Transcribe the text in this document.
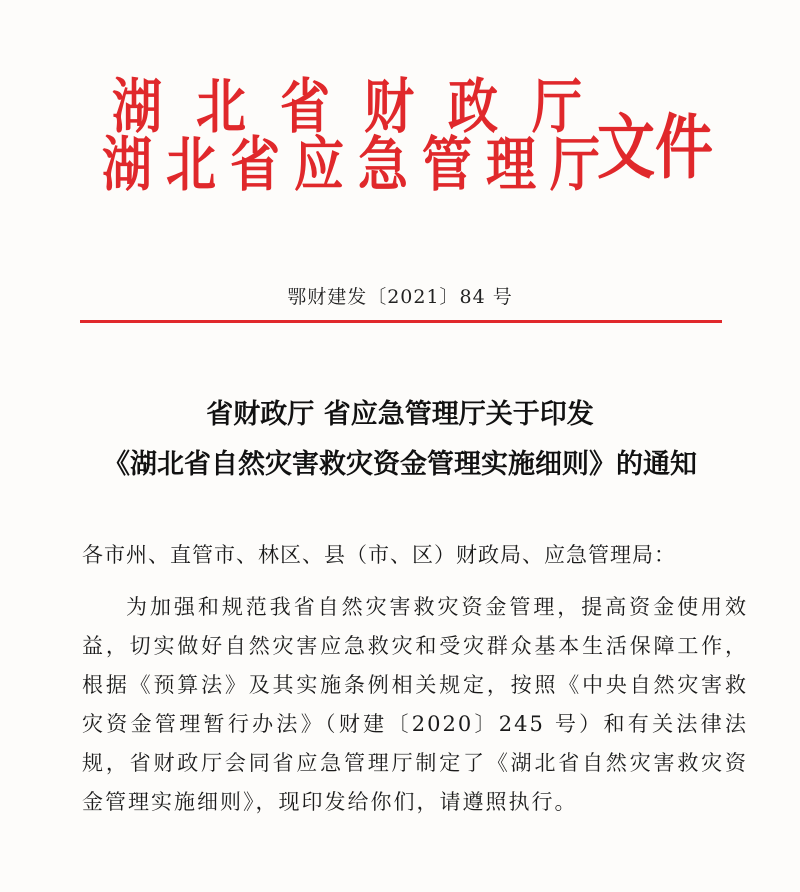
湖 北 省 财 政 厅
湖 北 省 应 急 管 理 厅
文件
鄂财建发〔2021〕84 号
省财政厅 省应急管理厅关于印发
《湖北省自然灾害救灾资金管理实施细则》的通知
各市州、直管市、林区、县（市、区）财政局、应急管理局：
为加强和规范我省自然灾害救灾资金管理，提高资金使用效益，切实做好自然灾害应急救灾和受灾群众基本生活保障工作，根据《预算法》及其实施条例相关规定，按照《中央自然灾害救灾资金管理暂行办法》（财建〔2020〕245 号）和有关法律法规，省财政厅会同省应急管理厅制定了《湖北省自然灾害救灾资金管理实施细则》，现印发给你们，请遵照执行。
